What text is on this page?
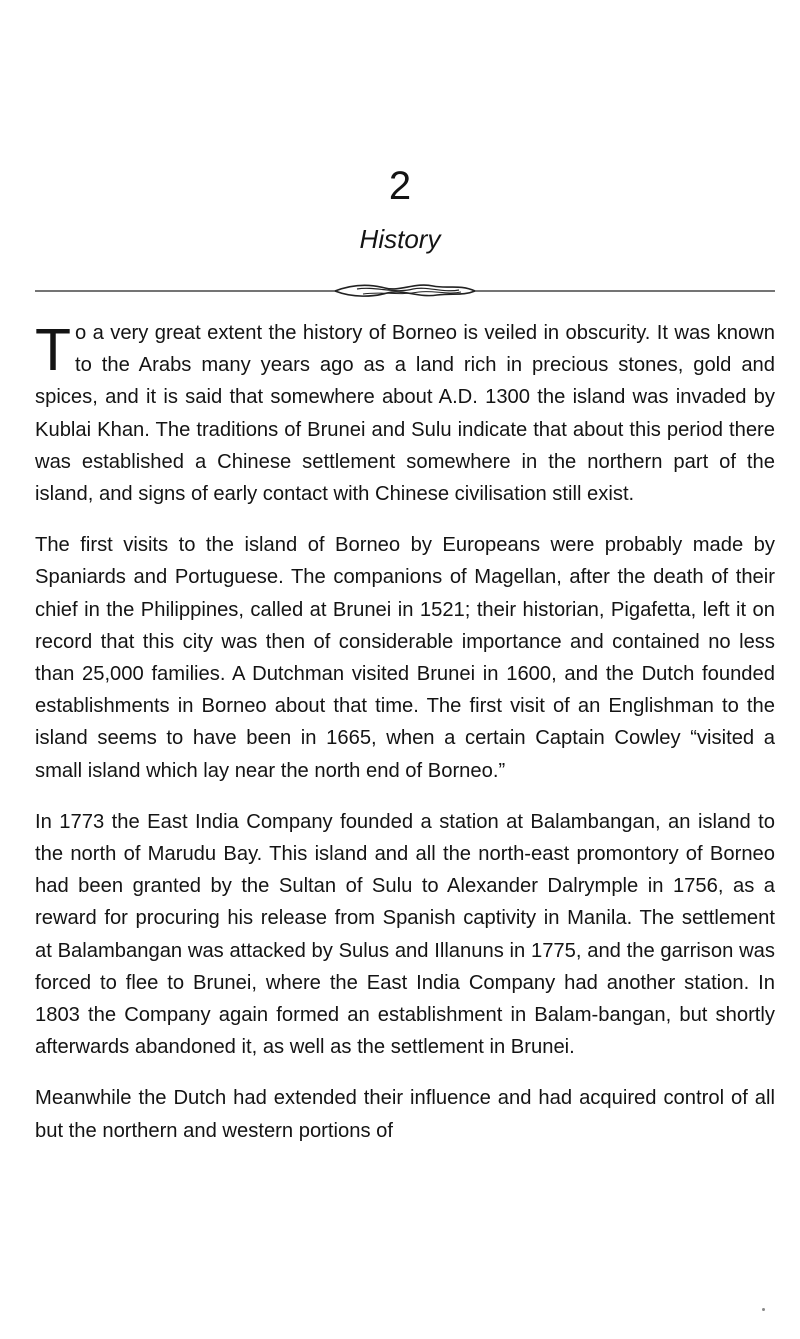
2
History

To a very great extent the history of Borneo is veiled in obscurity. It was known to the Arabs many years ago as a land rich in precious stones, gold and spices, and it is said that somewhere about A.D. 1300 the island was invaded by Kublai Khan. The traditions of Brunei and Sulu indicate that about this period there was established a Chinese settlement somewhere in the northern part of the island, and signs of early contact with Chinese civilisation still exist.

The first visits to the island of Borneo by Europeans were probably made by Spaniards and Portuguese. The companions of Magellan, after the death of their chief in the Philippines, called at Brunei in 1521; their historian, Pigafetta, left it on record that this city was then of considerable importance and contained no less than 25,000 families. A Dutchman visited Brunei in 1600, and the Dutch founded establishments in Borneo about that time. The first visit of an Englishman to the island seems to have been in 1665, when a certain Captain Cowley “visited a small island which lay near the north end of Borneo.”

In 1773 the East India Company founded a station at Balambangan, an island to the north of Marudu Bay. This island and all the north-east promontory of Borneo had been granted by the Sultan of Sulu to Alexander Dalrymple in 1756, as a reward for procuring his release from Spanish captivity in Manila. The settlement at Balambangan was attacked by Sulus and Illanuns in 1775, and the garrison was forced to flee to Brunei, where the East India Company had another station. In 1803 the Company again formed an establishment in Balam-bangan, but shortly afterwards abandoned it, as well as the settlement in Brunei.

Meanwhile the Dutch had extended their influence and had acquired control of all but the northern and western portions of
